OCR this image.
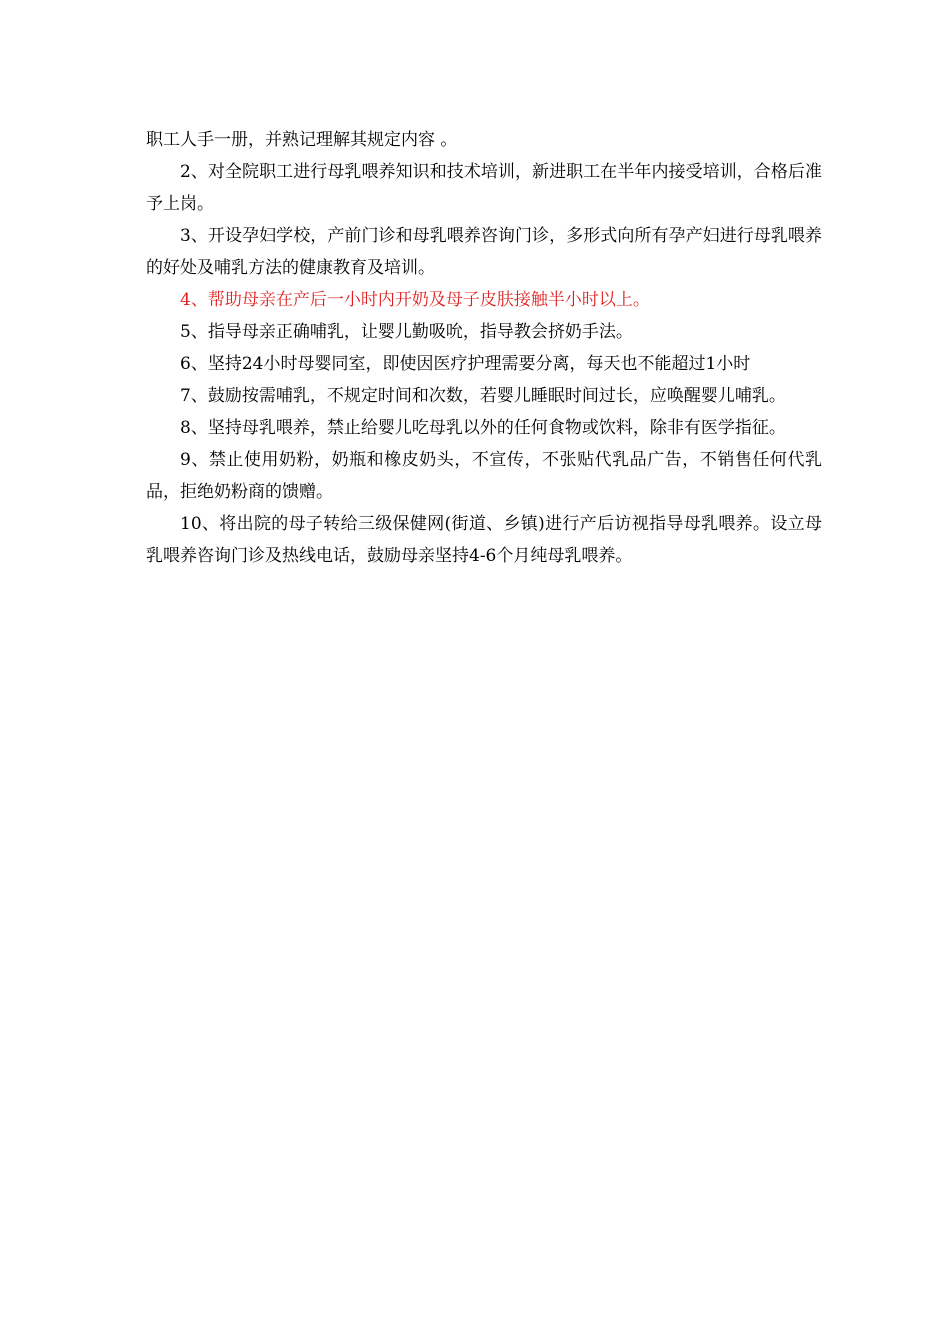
职工人手一册，并熟记理解其规定内容 。

2、对全院职工进行母乳喂养知识和技术培训，新进职工在半年内接受培训，合格后准予上岗。

3、开设孕妇学校，产前门诊和母乳喂养咨询门诊，多形式向所有孕产妇进行母乳喂养的好处及哺乳方法的健康教育及培训。

4、帮助母亲在产后一小时内开奶及母子皮肤接触半小时以上。

5、指导母亲正确哺乳，让婴儿勤吸吮，指导教会挤奶手法。

6、坚持24小时母婴同室，即使因医疗护理需要分离，每天也不能超过1小时

7、鼓励按需哺乳，不规定时间和次数，若婴儿睡眠时间过长，应唤醒婴儿哺乳。

8、坚持母乳喂养，禁止给婴儿吃母乳以外的任何食物或饮料，除非有医学指征。

9、禁止使用奶粉，奶瓶和橡皮奶头，不宣传，不张贴代乳品广告，不销售任何代乳品，拒绝奶粉商的馈赠。

10、将出院的母子转给三级保健网(街道、乡镇)进行产后访视指导母乳喂养。设立母乳喂养咨询门诊及热线电话，鼓励母亲坚持4-6个月纯母乳喂养。
